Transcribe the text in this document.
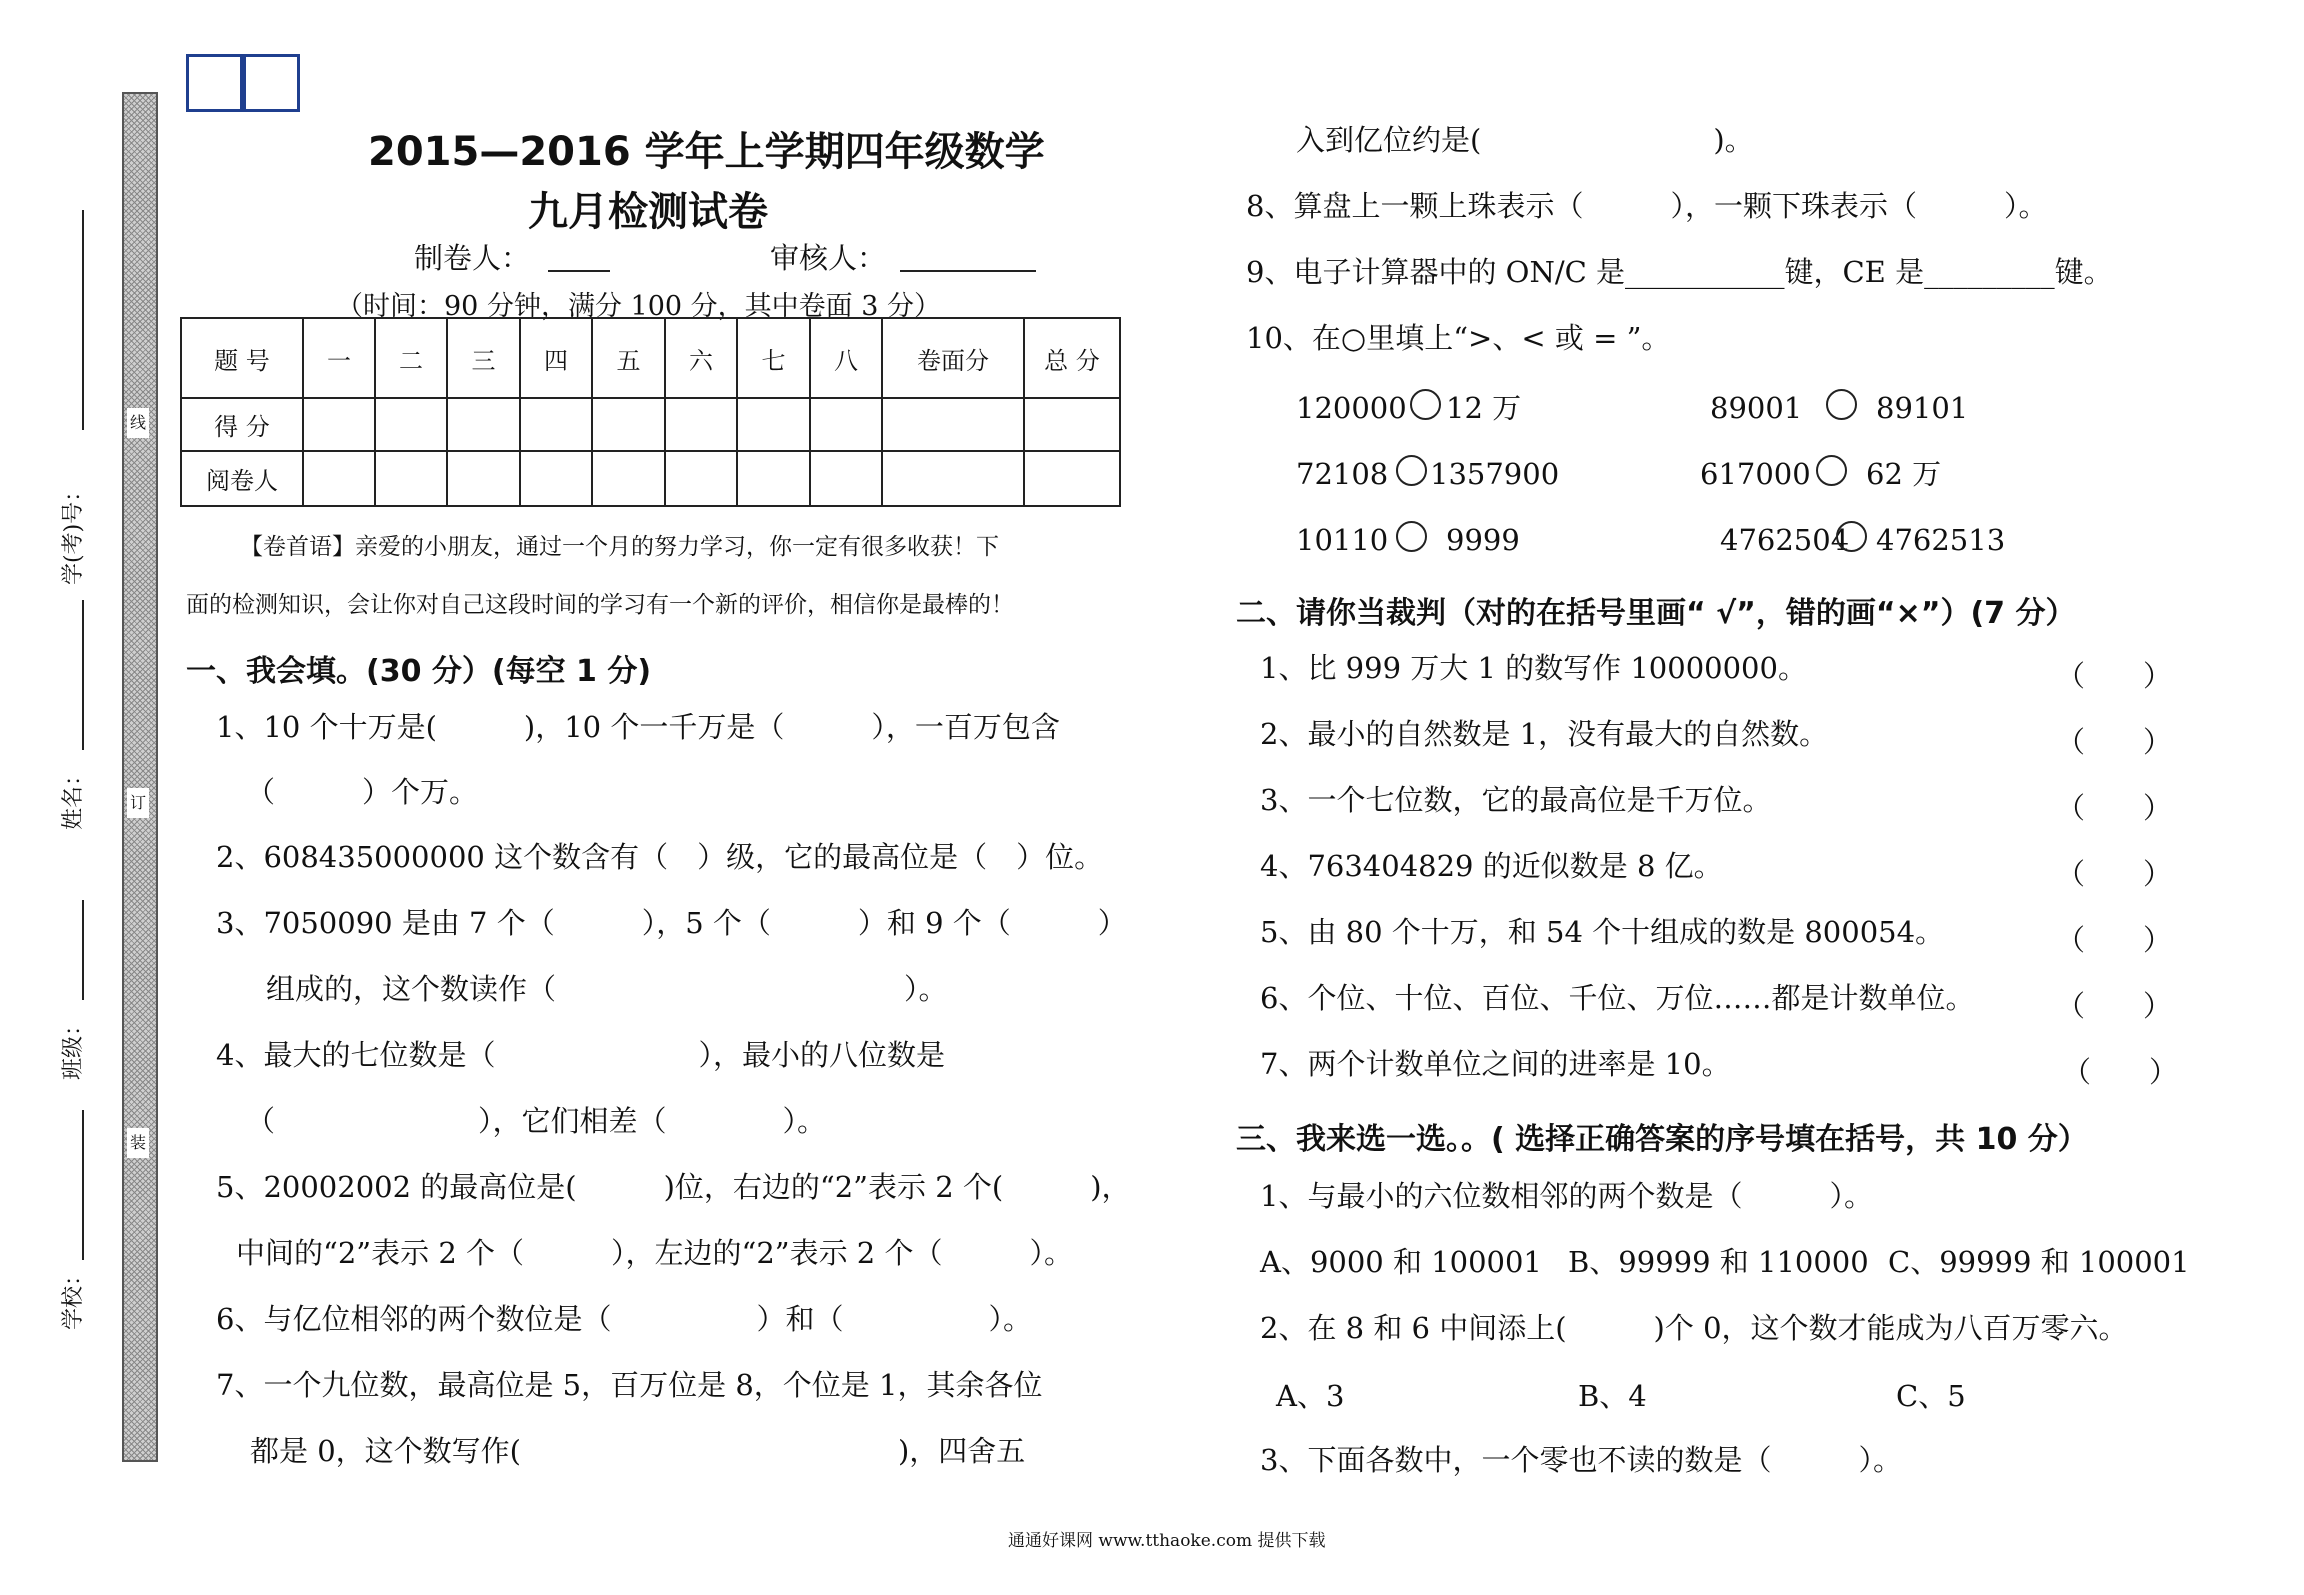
线
订
装
学(考)号：
姓名：
班级：
学校：
2015—2016 学年上学期四年级数学
九月检测试卷
制卷人：	审核人：
（时间：90 分钟，满分 100 分，其中卷面 3 分）
题 号	一	二	三	四	五	六	七	八	卷面分	总 分
得 分										
阅卷人										
【卷首语】亲爱的小朋友，通过一个月的努力学习，你一定有很多收获！下
面的检测知识，会让你对自己这段时间的学习有一个新的评价，相信你是最棒的！
一、我会填。(30 分）(每空 1 分)
1、10 个十万是(　　　)，10 个一千万是（　　　），一百万包含
（　　　）个万。
2、608435000000 这个数含有（　）级，它的最高位是（　）位。
3、7050090 是由 7 个（　　　），5 个（　　　）和 9 个（　　　）
组成的，这个数读作（　　　　　　　　　　　　）。
4、最大的七位数是（　　　　　　　），最小的八位数是
（　　　　　　　），它们相差（　　　　）。
5、20002002 的最高位是(　　　)位，右边的“2”表示 2 个(　　　)，
中间的“2”表示 2 个（　　　），左边的“2”表示 2 个（　　　）。
6、与亿位相邻的两个数位是（　　　　　）和（　　　　　）。
7、一个九位数，最高位是 5，百万位是 8，个位是 1，其余各位
都是 0，这个数写作(　　　　　　　　　　　　　)，四舍五
入到亿位约是(　　　　　　　　)。
8、算盘上一颗上珠表示（　　　），一颗下珠表示（　　　）。
9、电子计算器中的 ON/C 是___________键，CE 是_________键。
10、在○里填上“>、< 或 = ”。
120000 12 万	89001	89101
72108 1357900	617000 62 万
10110 9999	4762504 4762513
二、请你当裁判（对的在括号里画“ √”，错的画“×”）(7 分）
1、比 999 万大 1 的数写作 10000000。	（　　）
2、最小的自然数是 1，没有最大的自然数。	（　　）
3、一个七位数，它的最高位是千万位。	（　　）
4、763404829 的近似数是 8 亿。	（　　）
5、由 80 个十万，和 54 个十组成的数是 800054。	（　　）
6、个位、十位、百位、千位、万位……都是计数单位。	（　　）
7、两个计数单位之间的进率是 10。	（　　）
三、我来选一选。。( 选择正确答案的序号填在括号，共 10 分）
1、与最小的六位数相邻的两个数是（　　　）。
A、9000 和 100001 B、99999 和 110000 C、99999 和 100001
2、在 8 和 6 中间添上(　　　)个 0，这个数才能成为八百万零六。
A、3	B、4	C、5
3、下面各数中，一个零也不读的数是（　　　）。
通通好课网 www.tthaoke.com 提供下载
